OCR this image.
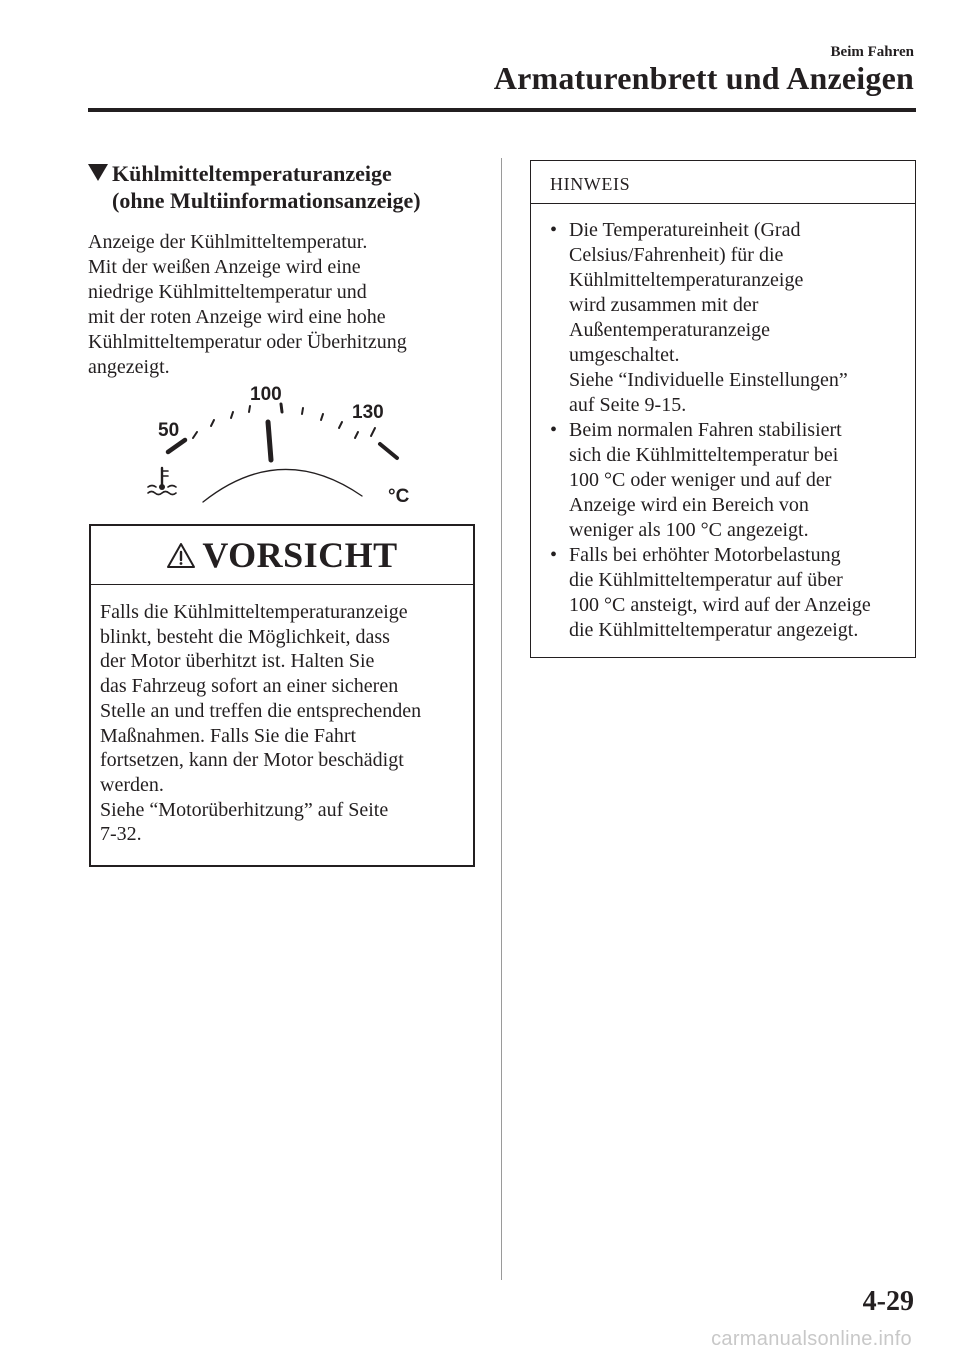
Beim Fahren
Armaturenbrett und Anzeigen
Kühlmitteltemperaturanzeige
(ohne Multiinformationsanzeige)
Anzeige der Kühlmitteltemperatur.
Mit der weißen Anzeige wird eine
niedrige Kühlmitteltemperatur und
mit der roten Anzeige wird eine hohe
Kühlmitteltemperatur oder Überhitzung
angezeigt.
50
100
130
°C
VORSICHT
Falls die Kühlmitteltemperaturanzeige
blinkt, besteht die Möglichkeit, dass
der Motor überhitzt ist. Halten Sie
das Fahrzeug sofort an einer sicheren
Stelle an und treffen die entsprechenden
Maßnahmen. Falls Sie die Fahrt
fortsetzen, kann der Motor beschädigt
werden.
Siehe “Motorüberhitzung” auf Seite
7-32.
HINWEIS
• Die Temperatureinheit (Grad
Celsius/Fahrenheit) für die
Kühlmitteltemperaturanzeige
wird zusammen mit der
Außentemperaturanzeige
umgeschaltet.
Siehe “Individuelle Einstellungen”
auf Seite 9-15.
• Beim normalen Fahren stabilisiert
sich die Kühlmitteltemperatur bei
100 °C oder weniger und auf der
Anzeige wird ein Bereich von
weniger als 100 °C angezeigt.
• Falls bei erhöhter Motorbelastung
die Kühlmitteltemperatur auf über
100 °C ansteigt, wird auf der Anzeige
die Kühlmitteltemperatur angezeigt.
4-29
carmanualsonline.info
